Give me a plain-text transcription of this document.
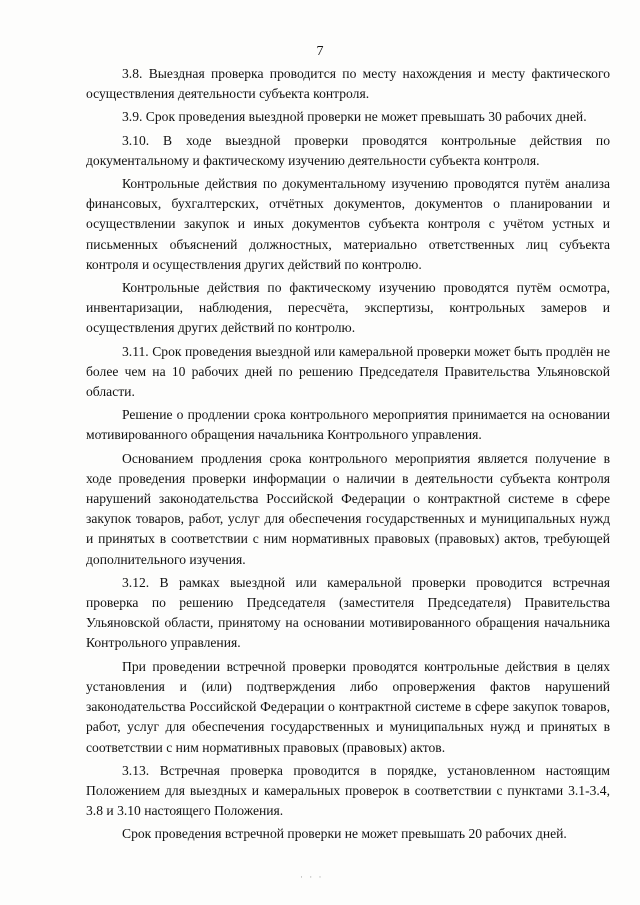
7

3.8. Выездная проверка проводится по месту нахождения и месту фактического осуществления деятельности субъекта контроля.

3.9. Срок проведения выездной проверки не может превышать 30 рабочих дней.

3.10. В ходе выездной проверки проводятся контрольные действия по документальному и фактическому изучению деятельности субъекта контроля.

Контрольные действия по документальному изучению проводятся путём анализа финансовых, бухгалтерских, отчётных документов, документов о планировании и осуществлении закупок и иных документов субъекта контроля с учётом устных и письменных объяснений должностных, материально ответственных лиц субъекта контроля и осуществления других действий по контролю.

Контрольные действия по фактическому изучению проводятся путём осмотра, инвентаризации, наблюдения, пересчёта, экспертизы, контрольных замеров и осуществления других действий по контролю.

3.11. Срок проведения выездной или камеральной проверки может быть продлён не более чем на 10 рабочих дней по решению Председателя Правительства Ульяновской области.

Решение о продлении срока контрольного мероприятия принимается на основании мотивированного обращения начальника Контрольного управления.

Основанием продления срока контрольного мероприятия является получение в ходе проведения проверки информации о наличии в деятельности субъекта контроля нарушений законодательства Российской Федерации о контрактной системе в сфере закупок товаров, работ, услуг для обеспечения государственных и муниципальных нужд и принятых в соответствии с ним нормативных правовых (правовых) актов, требующей дополнительного изучения.

3.12. В рамках выездной или камеральной проверки проводится встречная проверка по решению Председателя (заместителя Председателя) Правительства Ульяновской области, принятому на основании мотивированного обращения начальника Контрольного управления.

При проведении встречной проверки проводятся контрольные действия в целях установления и (или) подтверждения либо опровержения фактов нарушений законодательства Российской Федерации о контрактной системе в сфере закупок товаров, работ, услуг для обеспечения государственных и муниципальных нужд и принятых в соответствии с ним нормативных правовых (правовых) актов.

3.13. Встречная проверка проводится в порядке, установленном настоящим Положением для выездных и камеральных проверок в соответствии с пунктами 3.1-3.4, 3.8 и 3.10 настоящего Положения.

Срок проведения встречной проверки не может превышать 20 рабочих дней.

· · ·
